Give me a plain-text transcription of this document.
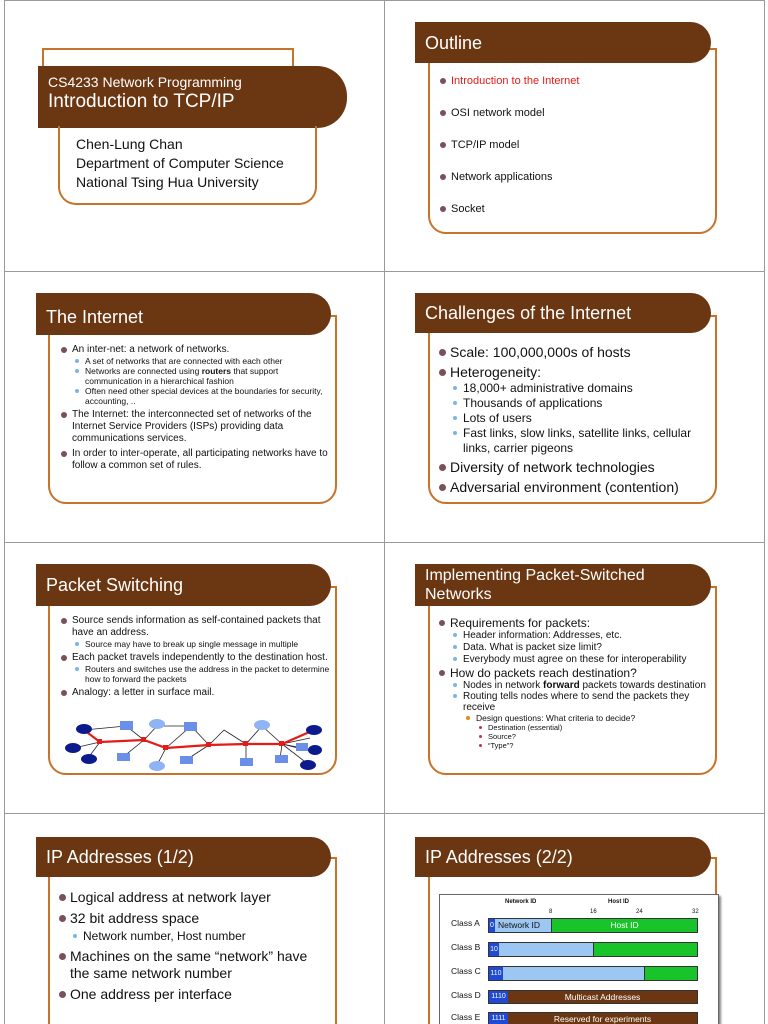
CS4233 Network Programming
Introduction to TCP/IP
Chen-Lung Chan
Department of Computer Science
National Tsing Hua University
Outline
Introduction to the Internet
OSI network model
TCP/IP model
Network applications
Socket
The Internet
An inter-net: a network of networks.
A set of networks that are connected with each other
Networks are connected using routers that support communication in a hierarchical fashion
Often need other special devices at the boundaries for security, accounting, ..
The Internet: the interconnected set of networks of the Internet Service Providers (ISPs) providing data communications services.
In order to inter-operate, all participating networks have to follow a common set of rules.
Challenges of the Internet
Scale: 100,000,000s of hosts
Heterogeneity:
18,000+ administrative domains
Thousands of applications
Lots of users
Fast links, slow links, satellite links, cellular links, carrier pigeons
Diversity of network technologies
Adversarial environment (contention)
Packet Switching
Source sends information as self-contained packets that have an address.
Source may have to break up single message in multiple
Each packet travels independently to the destination host.
Routers and switches use the address in the packet to determine how to forward the packets
Analogy: a letter in surface mail.
Implementing Packet-Switched Networks
Requirements for packets:
Header information: Addresses, etc.
Data. What is packet size limit?
Everybody must agree on these for interoperability
How do packets reach destination?
Nodes in network forward packets towards destination
Routing tells nodes where to send the packets they receive
Design questions: What criteria to decide?
Destination (essential)
Source?
“Type”?
IP Addresses (1/2)
Logical address at network layer
32 bit address space
Network number, Host number
Machines on the same “network” have the same network number
One address per interface
IP Addresses (2/2)
Network ID	Host ID
8	16	24	32
Class A 0 Network ID	Host ID
Class B 10
Class C 110
Class D	1110	Multicast Addresses
Class E	1111	Reserved for experiments
